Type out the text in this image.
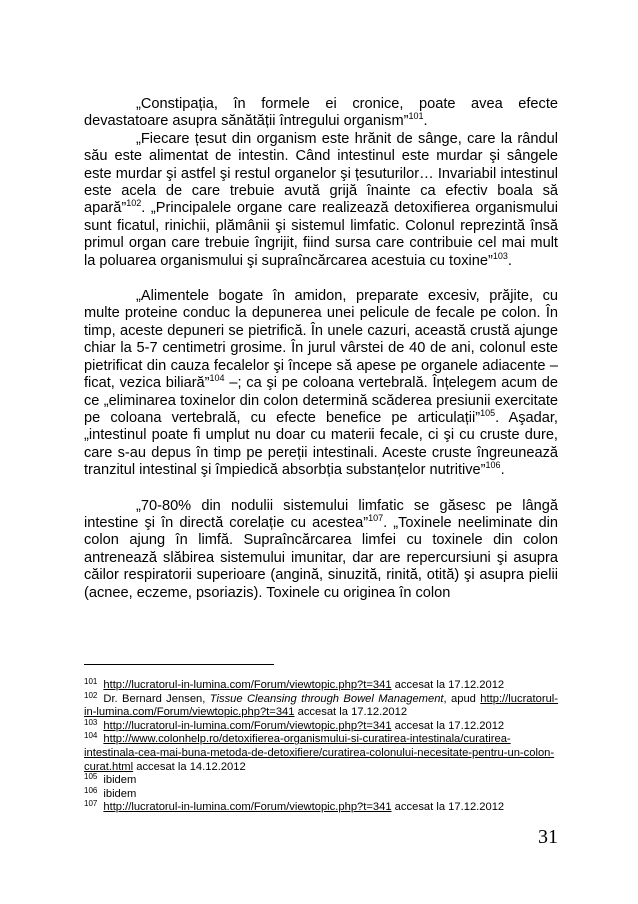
„Constipația, în formele ei cronice, poate avea efecte devastatoare asupra sănătății întregului organism”$^{101}$.

„Fiecare țesut din organism este hrănit de sânge, care la rândul său este alimentat de intestin. Când intestinul este murdar şi sângele este murdar şi astfel şi restul organelor şi țesuturilor… Invariabil intestinul este acela de care trebuie avută grijă înainte ca efectiv boala să apară”$^{102}$. „Principalele organe care realizează detoxifierea organismului sunt ficatul, rinichii, plămânii şi sistemul limfatic. Colonul reprezintă însă primul organ care trebuie îngrijit, fiind sursa care contribuie cel mai mult la poluarea organismului şi supraîncărcarea acestuia cu toxine”$^{103}$.

„Alimentele bogate în amidon, preparate excesiv, prăjite, cu multe proteine conduc la depunerea unei pelicule de fecale pe colon. În timp, aceste depuneri se pietrifică. În unele cazuri, această crustă ajunge chiar la 5-7 centimetri grosime. În jurul vârstei de 40 de ani, colonul este pietrificat din cauza fecalelor şi începe să apese pe organele adiacente – ficat, vezica biliară”$^{104}$ –; ca şi pe coloana vertebrală. Înțelegem acum de ce „eliminarea toxinelor din colon determină scăderea presiunii exercitate pe coloana vertebrală, cu efecte benefice pe articulații”$^{105}$. Aşadar, „intestinul poate fi umplut nu doar cu materii fecale, ci şi cu cruste dure, care s-au depus în timp pe pereții intestinali. Aceste cruste îngreunează tranzitul intestinal şi împiedică absorbția substanțelor nutritive”$^{106}$.

„70-80% din nodulii sistemului limfatic se găsesc pe lângă intestine şi în directă corelație cu acestea”$^{107}$. „Toxinele neeliminate din colon ajung în limfă. Supraîncărcarea limfei cu toxinele din colon antrenează slăbirea sistemului imunitar, dar are repercursiuni şi asupra căilor respiratorii superioare (angină, sinuzită, rinită, otită) şi asupra pielii (acnee, eczeme, psoriazis). Toxinele cu originea în colon

$^{101}$ http://lucratorul-in-lumina.com/Forum/viewtopic.php?t=341 accesat la 17.12.2012

$^{102}$ Dr. Bernard Jensen, Tissue Cleansing through Bowel Management, apud http://lucratorul-in-lumina.com/Forum/viewtopic.php?t=341 accesat la 17.12.2012

$^{103}$ http://lucratorul-in-lumina.com/Forum/viewtopic.php?t=341 accesat la 17.12.2012

$^{104}$ http://www.colonhelp.ro/detoxifierea-organismului-si-curatirea-intestinala/curatirea-intestinala-cea-mai-buna-metoda-de-detoxifiere/curatirea-colonului-necesitate-pentru-un-colon-curat.html accesat la 14.12.2012

$^{105}$ ibidem

$^{106}$ ibidem

$^{107}$ http://lucratorul-in-lumina.com/Forum/viewtopic.php?t=341 accesat la 17.12.2012

31
